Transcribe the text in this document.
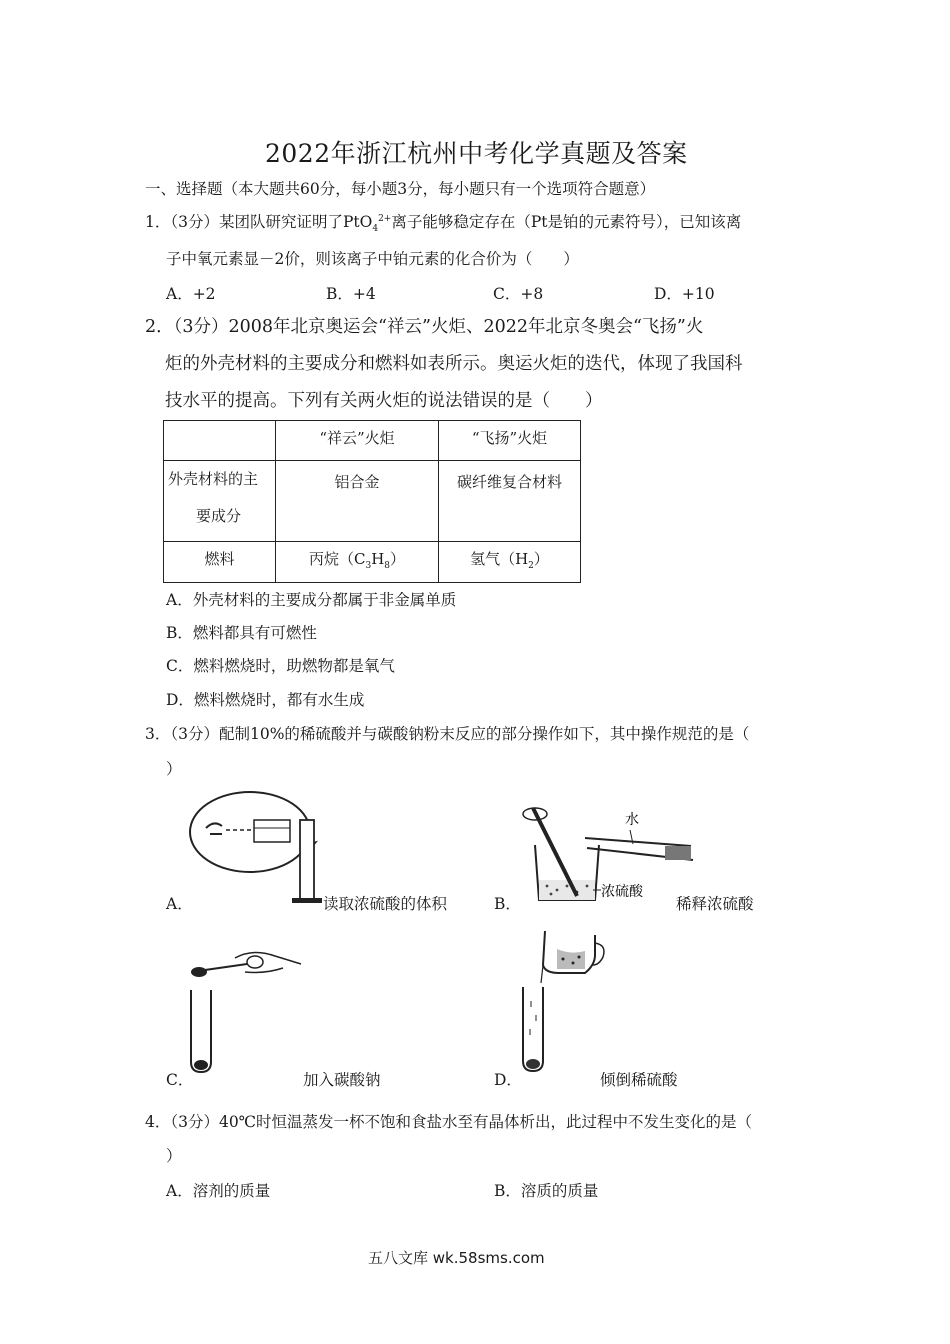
2022年浙江杭州中考化学真题及答案
一、选择题（本大题共60分，每小题3分，每小题只有一个选项符合题意）
1．（3分）某团队研究证明了PtO$_4^{2+}$离子能够稳定存在（Pt是铂的元素符号），已知该离
子中氧元素显－2价，则该离子中铂元素的化合价为（　　）
A．+2	B．+4	C．+8	D．+10
2．（3分）2008年北京奥运会“祥云”火炬、2022年北京冬奥会“飞扬”火
炬的外壳材料的主要成分和燃料如表所示。奥运火炬的迭代，体现了我国科
技水平的提高。下列有关两火炬的说法错误的是（　　）
	“祥云”火炬	“飞扬”火炬
外壳材料的主
要成分	铝合金	碳纤维复合材料
燃料	丙烷$(C_3H_8)$	氢气$(H_2)$
A．外壳材料的主要成分都属于非金属单质
B．燃料都具有可燃性
C．燃料燃烧时，助燃物都是氧气
D．燃料燃烧时，都有水生成
3．（3分）配制10%的稀硫酸并与碳酸钠粉末反应的部分操作如下，其中操作规范的是（
）
水
浓硫酸
A．	读取浓硫酸的体积	B．	稀释浓硫酸
C．	加入碳酸钠	D．	倾倒稀硫酸
4．（3分）40℃时恒温蒸发一杯不饱和食盐水至有晶体析出，此过程中不发生变化的是（
）
A．溶剂的质量	B．溶质的质量
五八文库 wk.58sms.com
